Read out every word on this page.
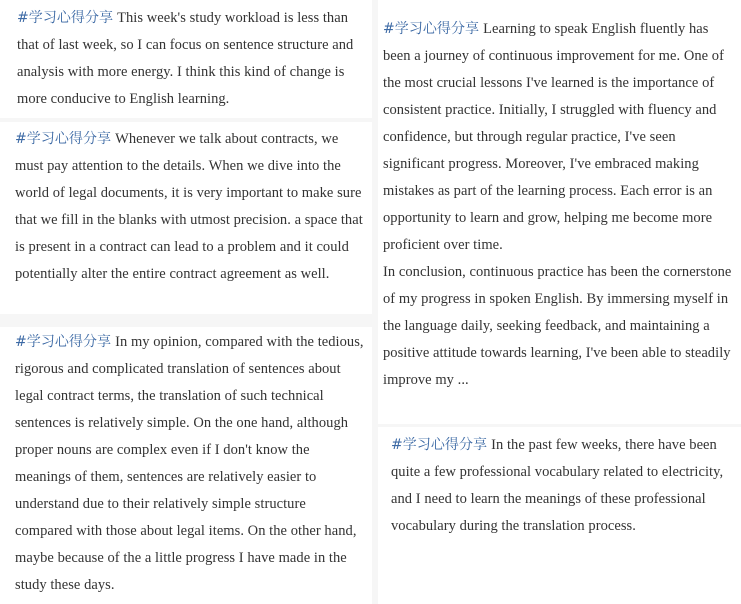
#学习心得分享 This week's study workload is less than that of last week, so I can focus on sentence structure and analysis with more energy. I think this kind of change is more conducive to English learning.
#学习心得分享 Whenever we talk about contracts, we must pay attention to the details. When we dive into the world of legal documents, it is very important to make sure that we fill in the blanks with utmost precision. a space that is present in a contract can lead to a problem and it could potentially alter the entire contract agreement as well.
#学习心得分享 In my opinion, compared with the tedious, rigorous and complicated translation of sentences about legal contract terms, the translation of such technical sentences is relatively simple. On the one hand, although proper nouns are complex even if I don't know the meanings of them, sentences are relatively easier to understand due to their relatively simple structure compared with those about legal items. On the other hand, maybe because of the a little progress I have made in the study these days.
#学习心得分享 Learning to speak English fluently has been a journey of continuous improvement for me. One of the most crucial lessons I've learned is the importance of consistent practice. Initially, I struggled with fluency and confidence, but through regular practice, I've seen significant progress. Moreover, I've embraced making mistakes as part of the learning process. Each error is an opportunity to learn and grow, helping me become more proficient over time.
In conclusion, continuous practice has been the cornerstone of my progress in spoken English. By immersing myself in the language daily, seeking feedback, and maintaining a positive attitude towards learning, I've been able to steadily improve my ...
#学习心得分享 In the past few weeks, there have been quite a few professional vocabulary related to electricity, and I need to learn the meanings of these professional vocabulary during the translation process.
